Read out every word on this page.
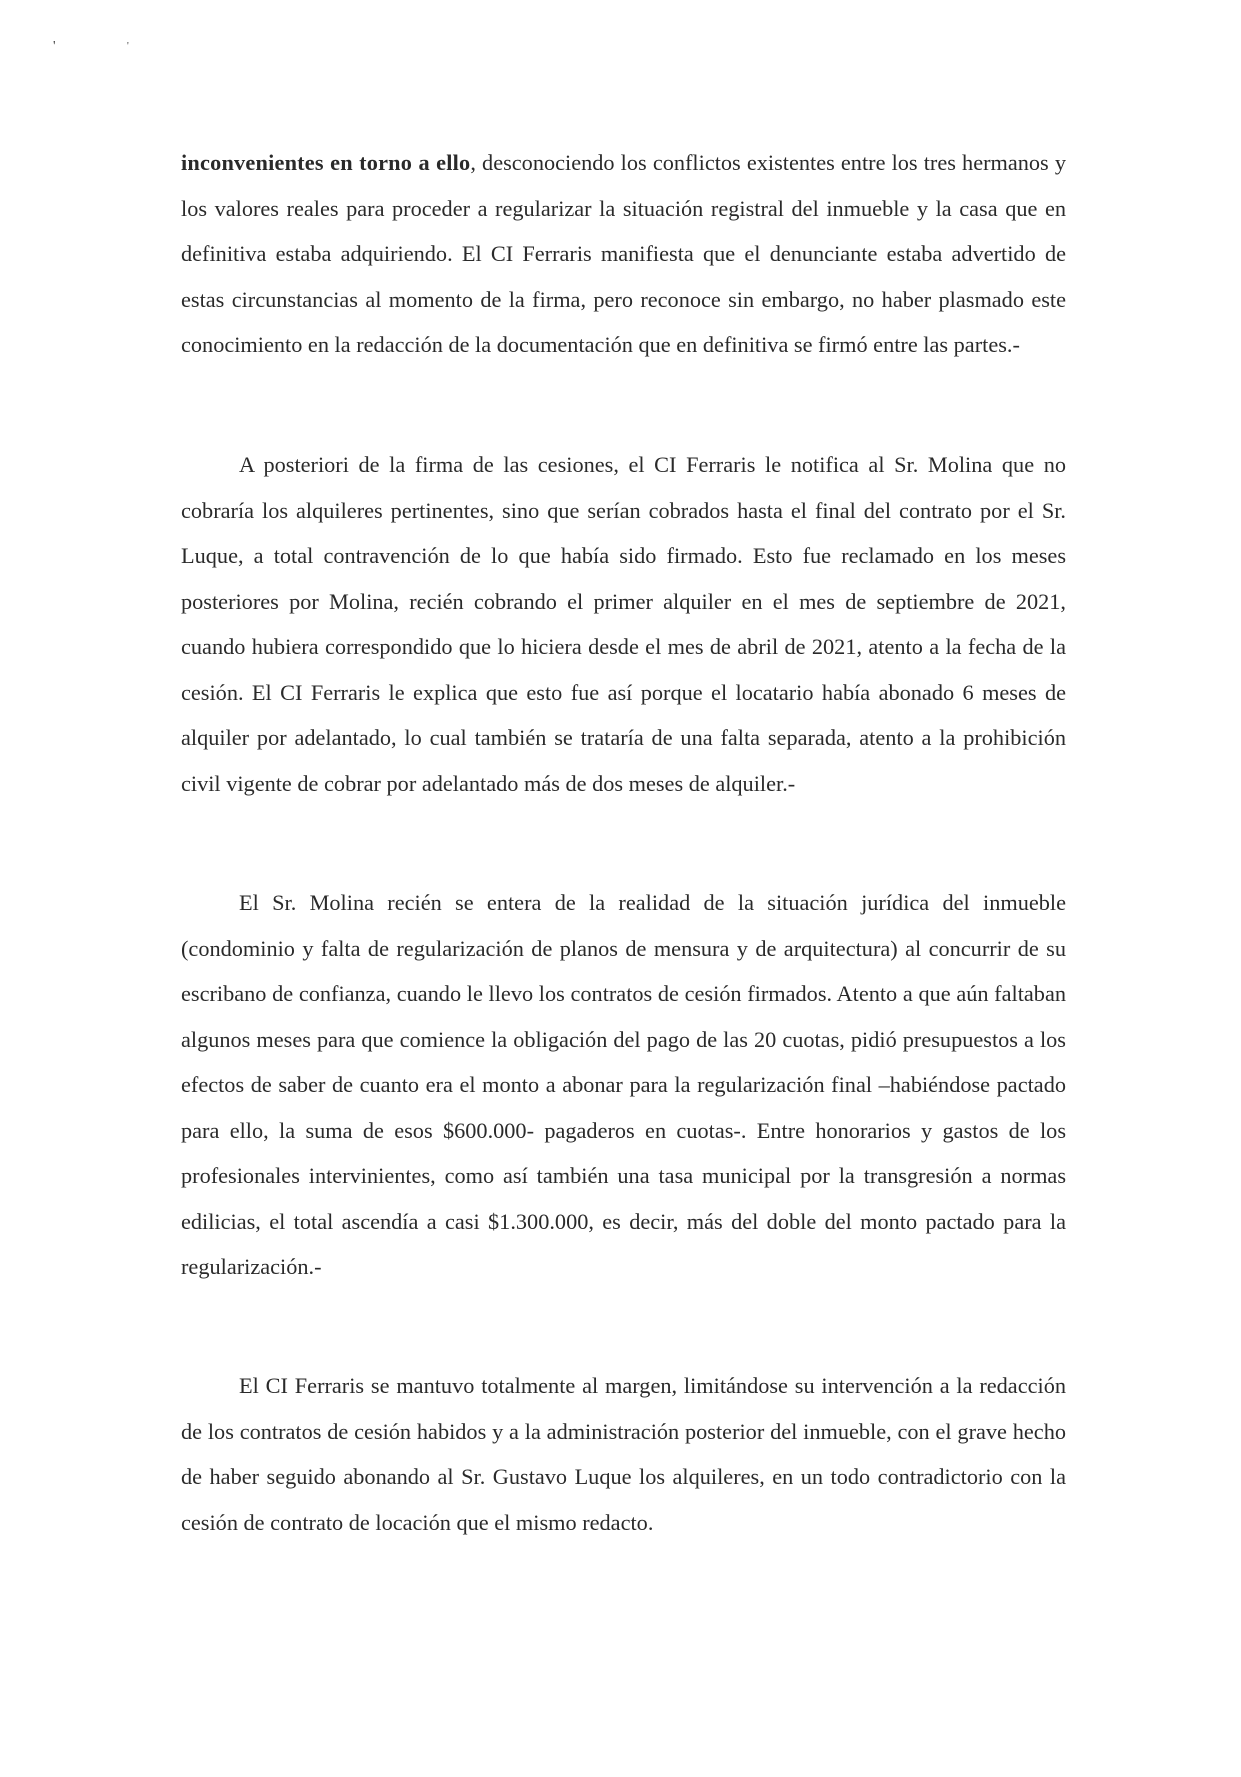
'	'

inconvenientes en torno a ello, desconociendo los conflictos existentes entre los tres hermanos y los valores reales para proceder a regularizar la situación registral del inmueble y la casa que en definitiva estaba adquiriendo. El CI Ferraris manifiesta que el denunciante estaba advertido de estas circunstancias al momento de la firma, pero reconoce sin embargo, no haber plasmado este conocimiento en la redacción de la documentación que en definitiva se firmó entre las partes.-

A posteriori de la firma de las cesiones, el CI Ferraris le notifica al Sr. Molina que no cobraría los alquileres pertinentes, sino que serían cobrados hasta el final del contrato por el Sr. Luque, a total contravención de lo que había sido firmado. Esto fue reclamado en los meses posteriores por Molina, recién cobrando el primer alquiler en el mes de septiembre de 2021, cuando hubiera correspondido que lo hiciera desde el mes de abril de 2021, atento a la fecha de la cesión. El CI Ferraris le explica que esto fue así porque el locatario había abonado 6 meses de alquiler por adelantado, lo cual también se trataría de una falta separada, atento a la prohibición civil vigente de cobrar por adelantado más de dos meses de alquiler.-

El Sr. Molina recién se entera de la realidad de la situación jurídica del inmueble (condominio y falta de regularización de planos de mensura y de arquitectura) al concurrir de su escribano de confianza, cuando le llevo los contratos de cesión firmados. Atento a que aún faltaban algunos meses para que comience la obligación del pago de las 20 cuotas, pidió presupuestos a los efectos de saber de cuanto era el monto a abonar para la regularización final –habiéndose pactado para ello, la suma de esos $600.000- pagaderos en cuotas-. Entre honorarios y gastos de los profesionales intervinientes, como así también una tasa municipal por la transgresión a normas edilicias, el total ascendía a casi $1.300.000, es decir, más del doble del monto pactado para la regularización.-

El CI Ferraris se mantuvo totalmente al margen, limitándose su intervención a la redacción de los contratos de cesión habidos y a la administración posterior del inmueble, con el grave hecho de haber seguido abonando al Sr. Gustavo Luque los alquileres, en un todo contradictorio con la cesión de contrato de locación que el mismo redacto.
